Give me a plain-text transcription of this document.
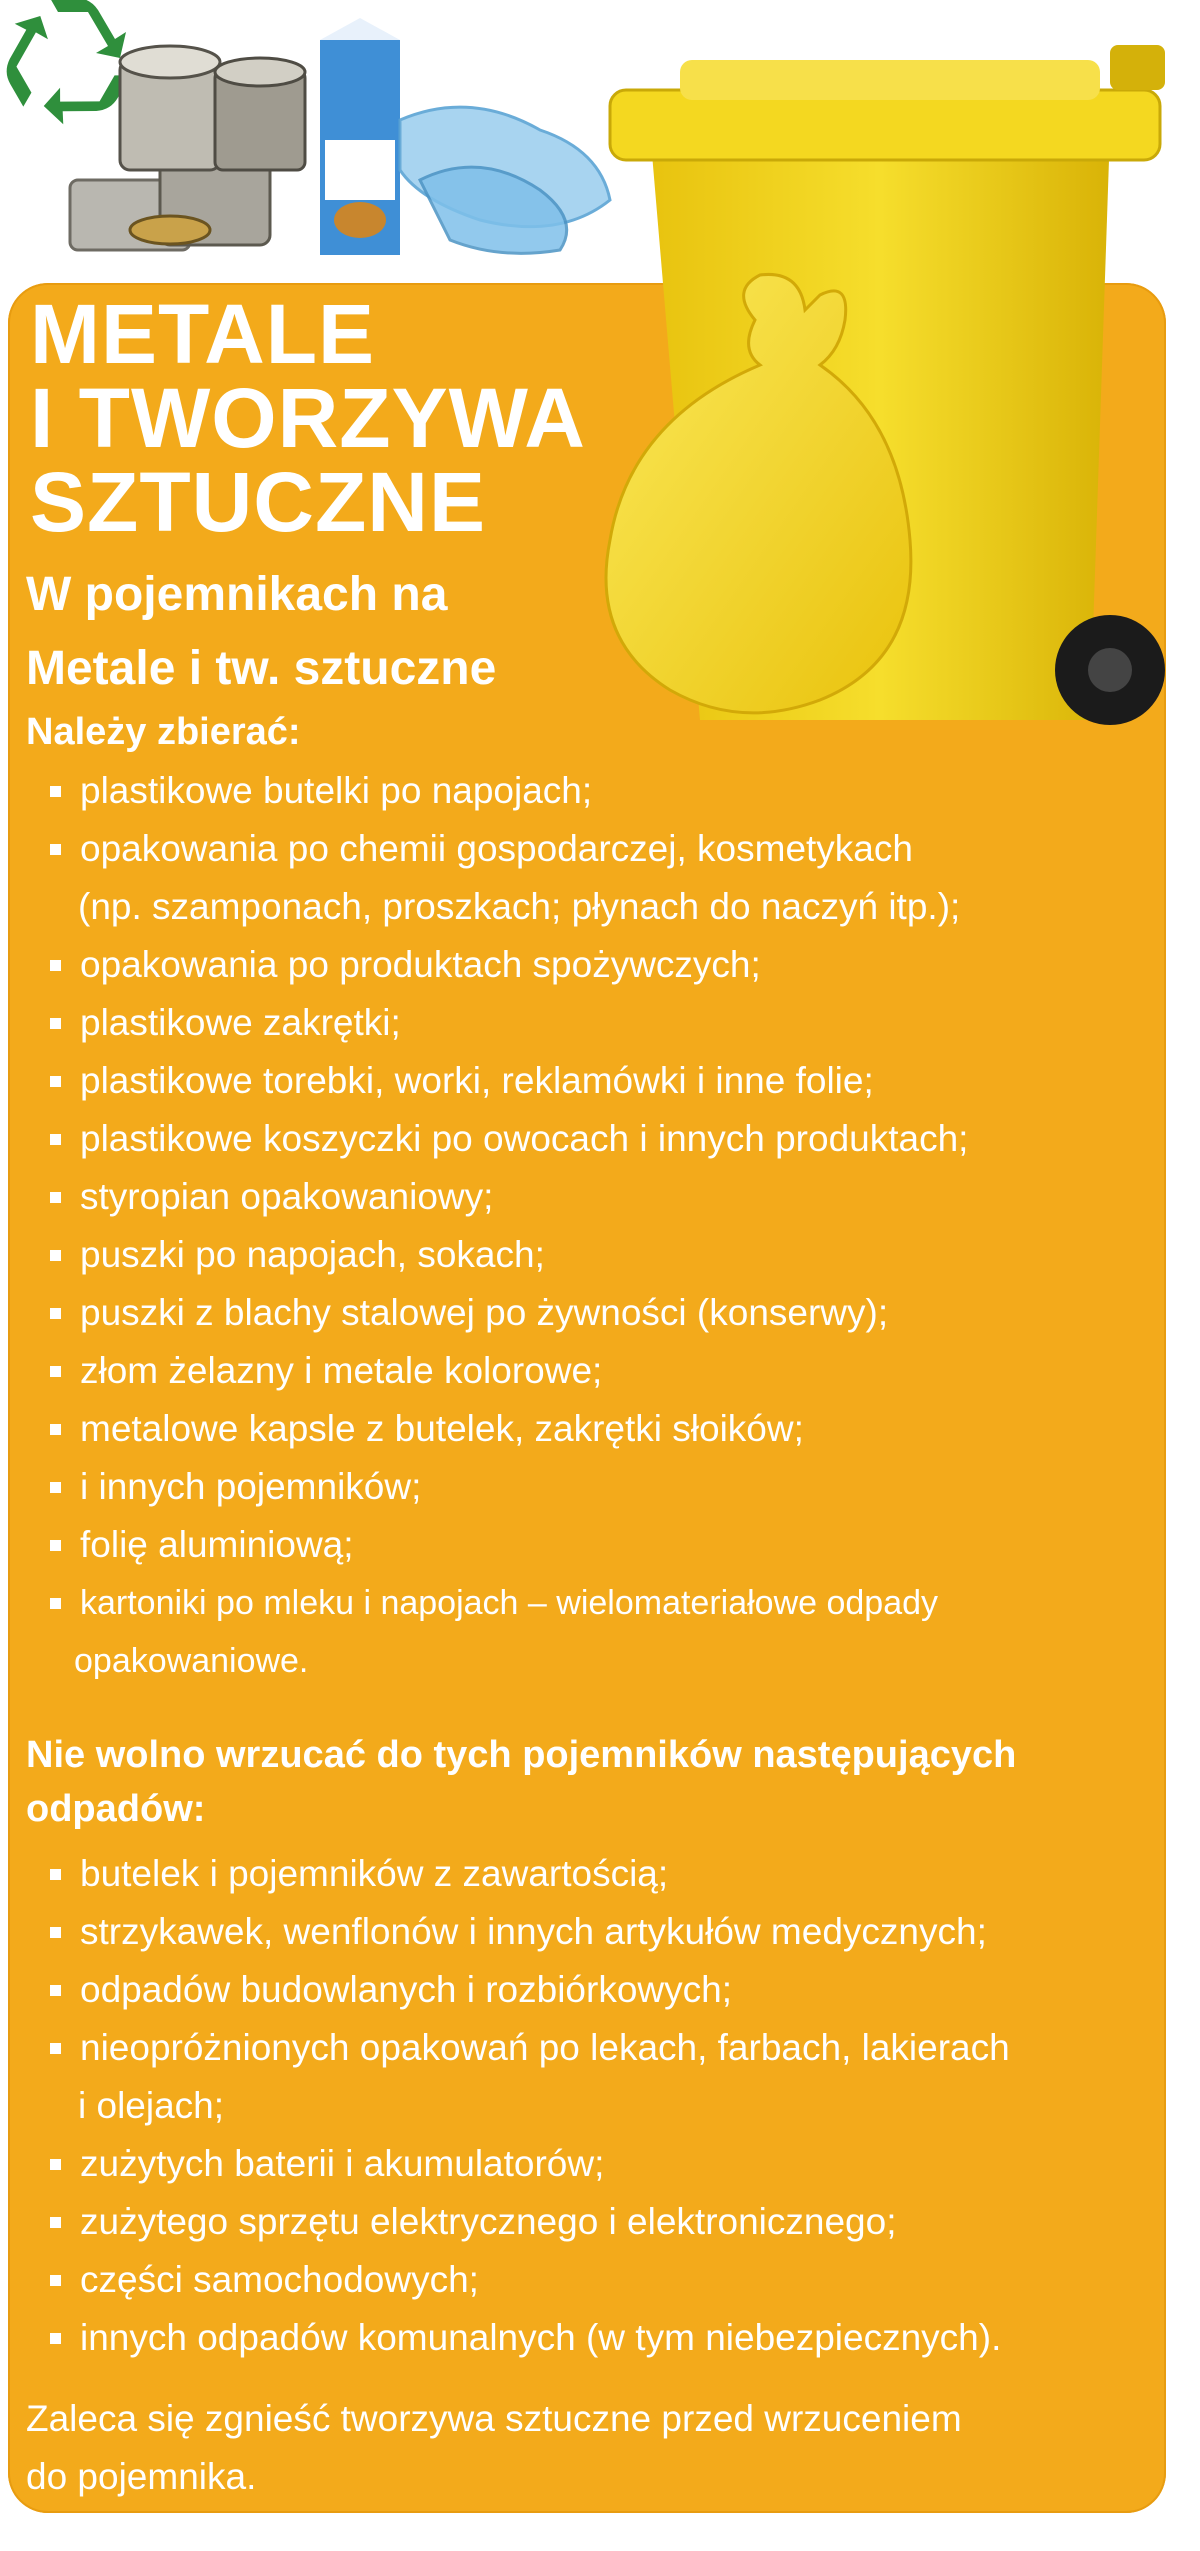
METALE
I TWORZYWA
SZTUCZNE
W pojemnikach na
Metale i tw. sztuczne
Należy zbierać:
plastikowe butelki po napojach;
opakowania po chemii gospodarczej, kosmetykach
(np. szamponach, proszkach; płynach do naczyń itp.);
opakowania po produktach spożywczych;
plastikowe zakrętki;
plastikowe torebki, worki, reklamówki i inne folie;
plastikowe koszyczki po owocach i innych produktach;
styropian opakowaniowy;
puszki po napojach, sokach;
puszki z blachy stalowej po żywności (konserwy);
złom żelazny i metale kolorowe;
metalowe kapsle z butelek, zakrętki słoików;
i innych pojemników;
folię aluminiową;
kartoniki po mleku i napojach – wielomateriałowe odpady
opakowaniowe.
Nie wolno wrzucać do tych pojemników następujących
odpadów:
butelek i pojemników z zawartością;
strzykawek, wenflonów i innych artykułów medycznych;
odpadów budowlanych i rozbiórkowych;
nieopróżnionych opakowań po lekach, farbach, lakierach
i olejach;
zużytych baterii i akumulatorów;
zużytego sprzętu elektrycznego i elektronicznego;
części samochodowych;
innych odpadów komunalnych (w tym niebezpiecznych).

Zaleca się zgnieść tworzywa sztuczne przed wrzuceniem
do pojemnika.
